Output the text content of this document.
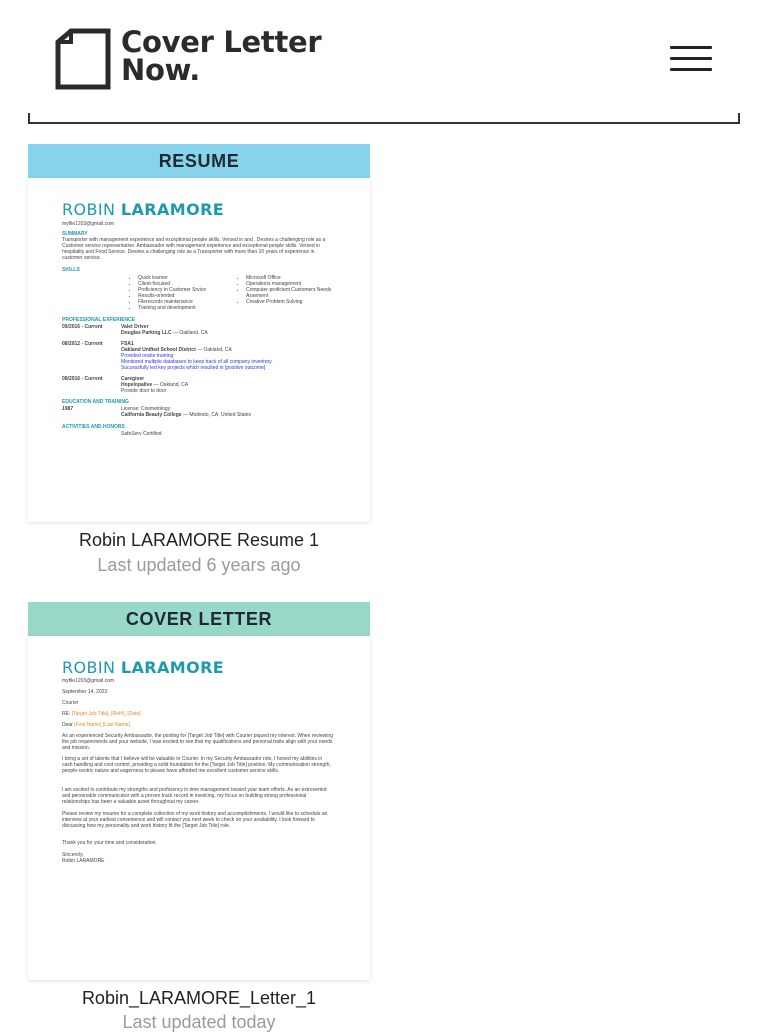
Cover Letter
Now.
RESUME
ROBIN LARAMORE
myfile1203@gmail.com
SUMMARY
Transporter with management experience and exceptional people skills. Versed in and . Desires a challenging role as a Customer service representative. Ambassador with management experience and exceptional people skills. Versed in hospitality and Food Service. Desires a challenging role as a Transporter with more than 10 years of experience in customer service.
SKILLS
• Quick learner
• Client-focused
• Proficiency in Customer Srvice
• Results-oriented
• Filerecords maintenance
• Training and development
• Microsoft Office
• Operations management
• Computer-proficient Customers Needs Assement
• Creative Problem Solving
PROFESSIONAL EXPERIENCE
09/2016 - Current	Valet Driver
Douglas Parking LLC — Oakland, CA
08/2012 - Current	FSA1
Oakland Unified School District — Oakland, CA
Provided onsite training
Monitored multiple databases to keep track of all company inventory.
Successfully led key projects which resulted in [positive outcome]
08/2016 - Current	Caregiver
Hopelopalive — Oakland, CA
Provide door to door
EDUCATION AND TRAINING
1987	License: Cosmetology
California Beauty College — Modesto, CA, United States
ACTIVITIES AND HONORS
SafeServ Certified
Robin LARAMORE Resume 1
Last updated 6 years ago
COVER LETTER
ROBIN LARAMORE
myfile1203@gmail.com
September 14, 2023
Courier
RE: [Target Job Title], [Ref#], [Date]
Dear [First Name] [Last Name],
As an experienced Security Ambassador, the posting for [Target Job Title] with Courier piqued my interest. When reviewing the job requirements and your website, I was excited to see that my qualifications and personal traits align with your needs and mission.
I bring a set of talents that I believe will be valuable to Courier. In my Security Ambassador role, I honed my abilities in cash handling and cost control, providing a solid foundation for the [Target Job Title] position. My communication strength, people-centric nature and eagerness to please have afforded me excellent customer service skills.
I am excited to contribute my strengths and proficiency in time management toward your team efforts. As an extroverted and personable communicator with a proven track record in invoicing, my focus on building strong professional relationships has been a valuable asset throughout my career.
Please review my resume for a complete collection of my work history and accomplishments. I would like to schedule an interview at your earliest convenience and will contact you next week to check on your availability. I look forward to discussing how my personality and work history fit the [Target Job Title] role.
Thank you for your time and consideration.
Sincerely,
Robin LARAMORE
Robin_LARAMORE_Letter_1
Last updated today
